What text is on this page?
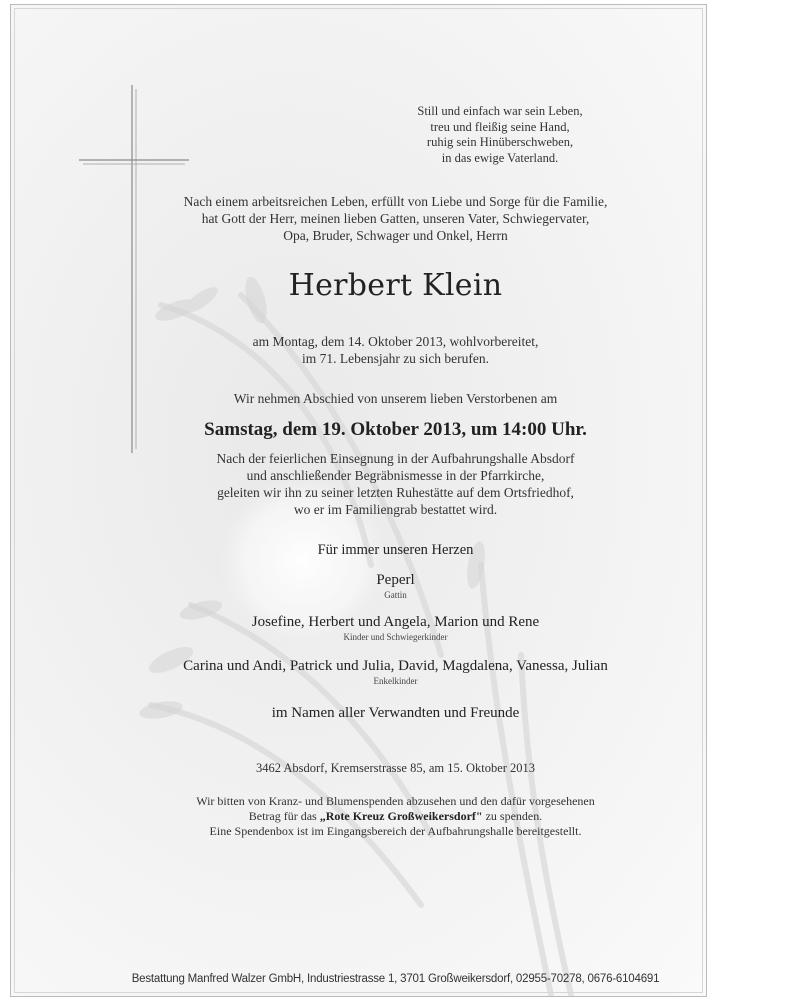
Still und einfach war sein Leben,
treu und fleißig seine Hand,
ruhig sein Hinüberschweben,
in das ewige Vaterland.
Nach einem arbeitsreichen Leben, erfüllt von Liebe und Sorge für die Familie,
hat Gott der Herr, meinen lieben Gatten, unseren Vater, Schwiegervater,
Opa, Bruder, Schwager und Onkel, Herrn
Herbert Klein
am Montag, dem 14. Oktober 2013, wohlvorbereitet,
im 71. Lebensjahr zu sich berufen.
Wir nehmen Abschied von unserem lieben Verstorbenen am
Samstag, dem 19. Oktober 2013, um 14:00 Uhr.
Nach der feierlichen Einsegnung in der Aufbahrungshalle Absdorf
und anschließender Begräbnismesse in der Pfarrkirche,
geleiten wir ihn zu seiner letzten Ruhestätte auf dem Ortsfriedhof,
wo er im Familiengrab bestattet wird.
Für immer unseren Herzen
Peperl
Gattin
Josefine, Herbert und Angela, Marion und Rene
Kinder und Schwiegerkinder
Carina und Andi, Patrick und Julia, David, Magdalena, Vanessa, Julian
Enkelkinder
im Namen aller Verwandten und Freunde
3462 Absdorf, Kremserstrasse 85, am 15. Oktober 2013
Wir bitten von Kranz- und Blumenspenden abzusehen und den dafür vorgesehenen
Betrag für das „Rote Kreuz Großweikersdorf" zu spenden.
Eine Spendenbox ist im Eingangsbereich der Aufbahrungshalle bereitgestellt.
Bestattung Manfred Walzer GmbH, Industriestrasse 1, 3701 Großweikersdorf, 02955-70278, 0676-6104691
